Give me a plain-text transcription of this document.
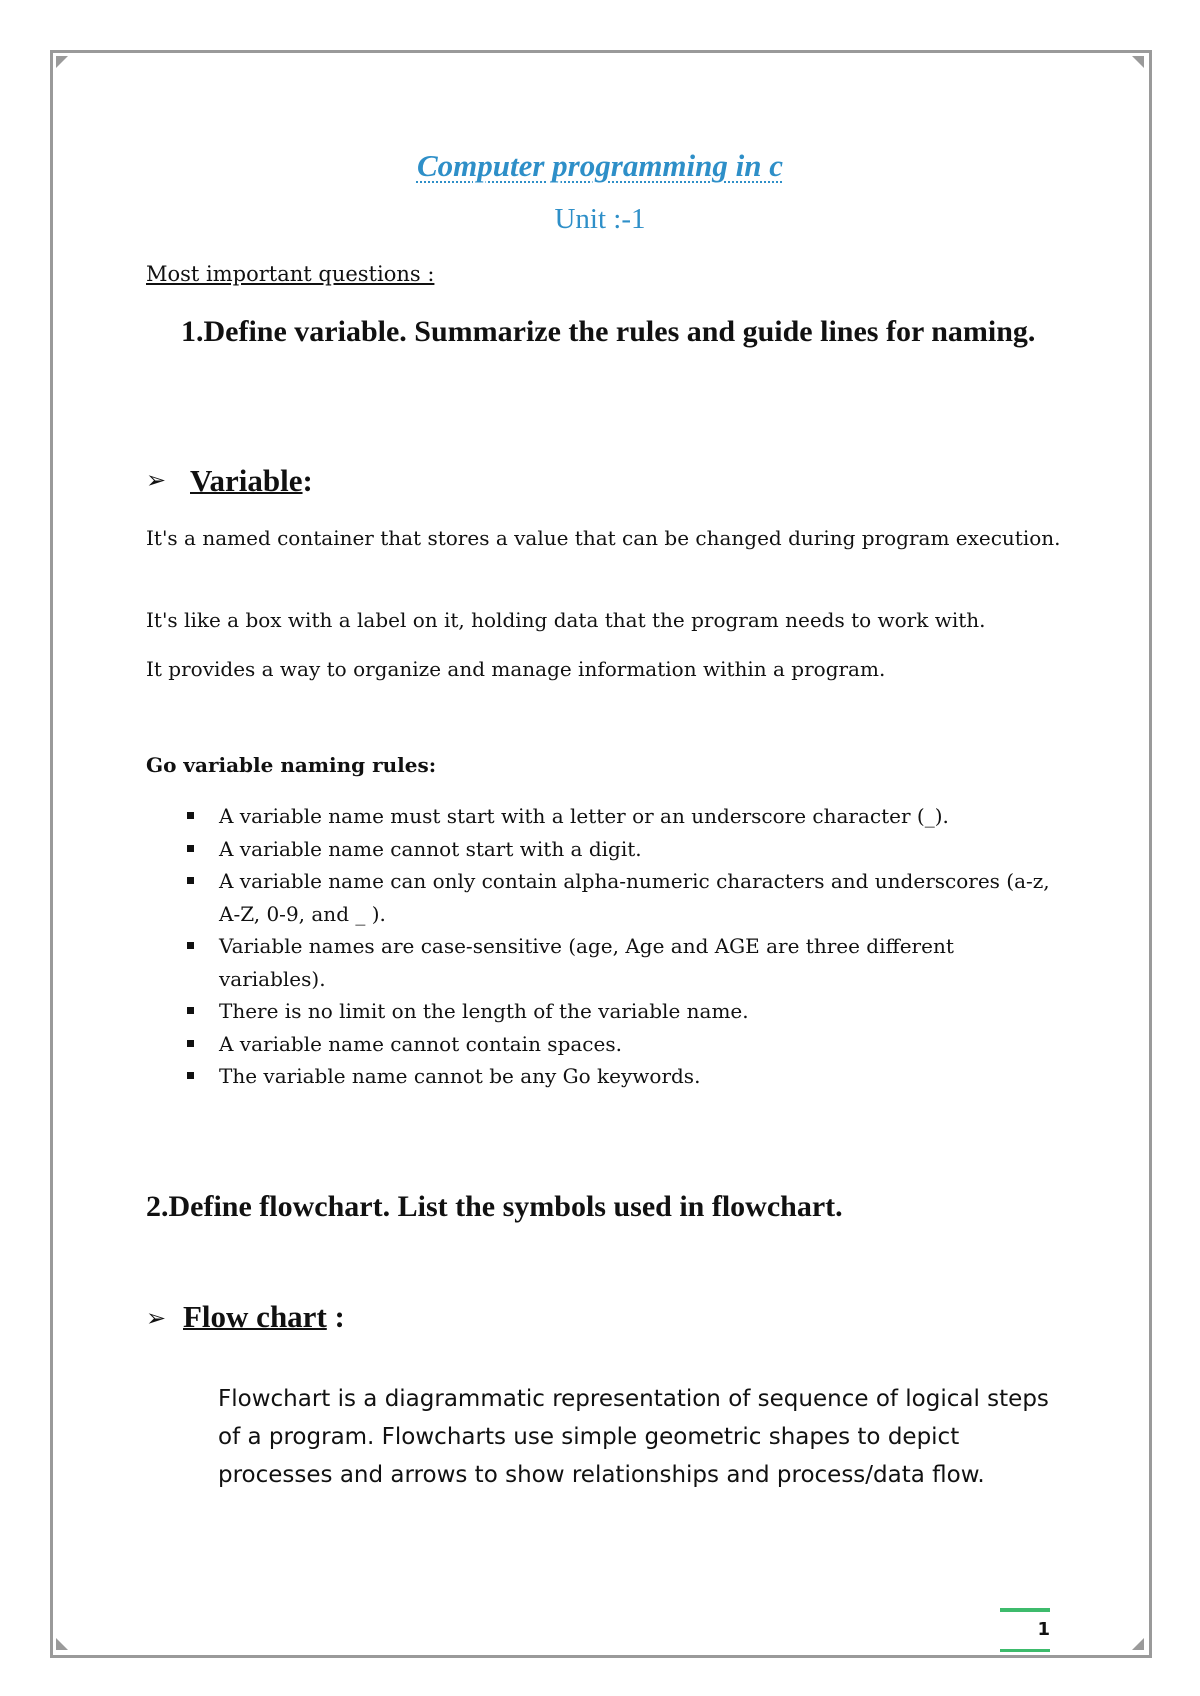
Computer programming in c
Unit :-1
Most important questions :
1.Define variable. Summarize the rules and guide lines for naming.
➢ Variable:
It's a named container that stores a value that can be changed during program execution.
It's like a box with a label on it, holding data that the program needs to work with.
It provides a way to organize and manage information within a program.
Go variable naming rules:
A variable name must start with a letter or an underscore character (_).
A variable name cannot start with a digit.
A variable name can only contain alpha-numeric characters and underscores (a-z, A-Z, 0-9, and _ ).
Variable names are case-sensitive (age, Age and AGE are three different variables).
There is no limit on the length of the variable name.
A variable name cannot contain spaces.
The variable name cannot be any Go keywords.
2.Define flowchart. List the symbols used in flowchart.
➢ Flow chart :
Flowchart is a diagrammatic representation of sequence of logical steps of a program. Flowcharts use simple geometric shapes to depict processes and arrows to show relationships and process/data flow.
1
